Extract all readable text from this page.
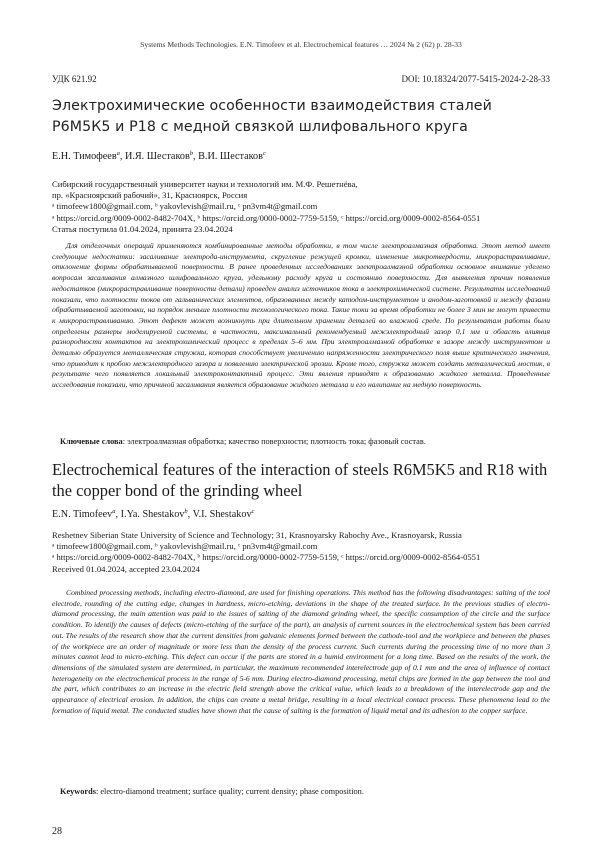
Systems Methods Technologies. E.N. Timofeev et al. Electrochemical features … 2024 № 2 (62) p. 28-33
УДК 621.92	DOI: 10.18324/2077-5415-2024-2-28-33
Электрохимические особенности взаимодействия сталей Р6М5К5 и Р18 с медной связкой шлифовального круга
Е.Н. Тимофеев$^a$, И.Я. Шестаков$^b$, В.И. Шестаков$^c$
Сибирский государственный университет науки и технологий им. М.Ф. Решетнёва,
пр. «Красноярский рабочий», 31, Красноярск, Россия
ᵃ timofeew1800@gmail.com, ᵇ yakovlevish@mail.ru, ᶜ pn3vm4t@gmail.com
ᵃ https://orcid.org/0009-0002-8482-704X, ᵇ https://orcid.org/0000-0002-7759-5159, ᶜ https://orcid.org/0009-0002-8564-0551
Статья поступила 01.04.2024, принята 23.04.2024

Для отделочных операций применяются комбинированные методы обработки, в том числе электроалмазная обработка. Этот метод имеет следующие недостатки: засаливание электрода-инструмента, скругление режущей кромки, изменение микротвердости, микрорастравливание, отклонение формы обрабатываемой поверхности. В ранее проведенных исследованиях электроалмазной обработки основное внимание уделено вопросам засаливания алмазного шлифовального круга, удельному расходу круга и состоянию поверхности. Для выявления причин появления недостатков (микрорастравливание поверхности детали) проведен анализ источников тока в электрохимической системе. Результаты исследований показали, что плотности токов от гальванических элементов, образованных между катодом-инструментом и анодом-заготовкой и между фазами обрабатываемой заготовки, на порядок меньше плотности технологического тока. Такие токи за время обработки не более 3 мин не могут привести к микрорастравливанию. Этот дефект может возникнуть при длительном хранении деталей во влажной среде. По результатам работы были определены размеры моделируемой системы, в частности, максимальный рекомендуемый межэлектродный зазор 0,1 мм и область влияния разнородности контактов на электрохимический процесс в пределах 5–6 мм. При электроалмазной обработке в зазоре между инструментом и деталью образуется металлическая стружка, которая способствует увеличению напряженности электрического поля выше критического значения, что приводит к пробою межэлектродного зазора и появлению электрической эрозии. Кроме того, стружка может создать металлический мостик, в результате чего появляется локальный электроконтактный процесс. Эти явления приводят к образованию жидкого металла. Проведенные исследования показали, что причиной засаливания является образование жидкого металла и его налипание на медную поверхность.

Ключевые слова: электроалмазная обработка; качество поверхности; плотность тока; фазовый состав.
Electrochemical features of the interaction of steels R6M5K5 and R18 with the copper bond of the grinding wheel
E.N. Timofeev$^a$, I.Ya. Shestakov$^b$, V.I. Shestakov$^c$
Reshetnev Siberian State University of Science and Technology; 31, Krasnoyarsky Rabochy Ave., Krasnoyarsk, Russia
ᵃ timofeew1800@gmail.com, ᵇ yakovlevish@mail.ru, ᶜ pn3vm4t@gmail.com
ᵃ https://orcid.org/0009-0002-8482-704X, ᵇ https://orcid.org/0000-0002-7759-5159, ᶜ https://orcid.org/0009-0002-8564-0551
Received 01.04.2024, accepted 23.04.2024

Combined processing methods, including electro-diamond, are used for finishing operations. This method has the following disadvantages: salting of the tool electrode, rounding of the cutting edge, changes in hardness, micro-etching, deviations in the shape of the treated surface. In the previous studies of electro-diamond processing, the main attention was paid to the issues of salting of the diamond grinding wheel, the specific consumption of the circle and the surface condition. To identify the causes of defects (micro-etching of the surface of the part), an analysis of current sources in the electrochemical system has been carried out. The results of the research show that the current densities from galvanic elements formed between the cathode-tool and the workpiece and between the phases of the workpiece are an order of magnitude or more less than the density of the process current. Such currents during the processing time of no more than 3 minutes cannot lead to micro-etching. This defect can occur if the parts are stored in a humid environment for a long time. Based on the results of the work, the dimensions of the simulated system are determined, in particular, the maximum recommended interelectrode gap of 0.1 mm and the area of influence of contact heterogeneity on the electrochemical process in the range of 5-6 mm. During electro-diamond processing, metal chips are formed in the gap between the tool and the part, which contributes to an increase in the electric field strength above the critical value, which leads to a breakdown of the interelectrode gap and the appearance of electrical erosion. In addition, the chips can create a metal bridge, resulting in a local electrical contact process. These phenomena lead to the formation of liquid metal. The conducted studies have shown that the cause of salting is the formation of liquid metal and its adhesion to the copper surface.

Keywords: electro-diamond treatment; surface quality; current density; phase composition.
28
